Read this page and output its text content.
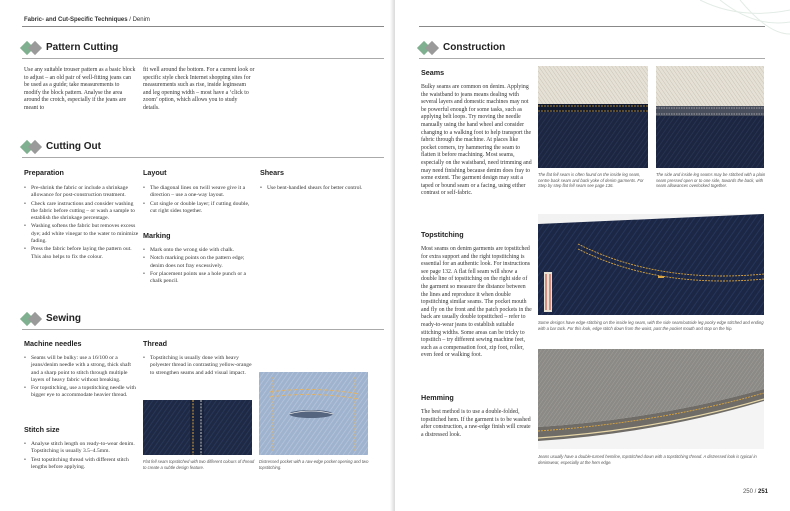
Fabric- and Cut-Specific Techniques / Denim
Pattern Cutting
Use any suitable trouser pattern as a basic block to adjust – an old pair of well-fitting jeans can be used as a guide; take measurements to modify the block pattern. Analyse the area around the crotch, especially if the jeans are meant to
fit well around the bottom. For a current look or specific style check Internet shopping sites for measurements such as rise, inside leginseam and leg opening width – most have a ‘click to zoom’ option, which allows you to study details.
Cutting Out
Preparation
• Pre-shrink the fabric or include a shrinkage allowance for post-construction treatment.
• Check care instructions and consider washing the fabric before cutting – or wash a sample to establish the shrinkage percentage.
• Washing softens the fabric but removes excess dye; add white vinegar to the water to minimize fading.
• Press the fabric before laying the pattern out. This also helps to fix the colour.
Layout
• The diagonal lines on twill weave give it a direction – use a one-way layout.
• Cut single or double layer; if cutting double, cut right sides together.
Marking
• Mark onto the wrong side with chalk.
• Notch marking points on the pattern edge; denim does not fray excessively.
• For placement points use a hole punch or a chalk pencil.
Shears
• Use bent-handled shears for better control.
Sewing
Machine needles
• Seams will be bulky: use a 16/100 or a jeans/denim needle with a strong, thick shaft and a sharp point to stitch through multiple layers of heavy fabric without breaking.
• For topstitching, use a topstitching needle with bigger eye to accommodate heavier thread.
Stitch size
• Analyse stitch length on ready-to-wear denim. Topstitching is usually 3.5–4.5mm.
• Test topstitching thread with different stitch lengths before applying.
Thread
• Topstitching is usually done with heavy polyester thread in contrasting yellow-orange to strengthen seams and add visual impact.
Flat fell seam topstitched with two different colours of thread to create a subtle design feature.
Distressed pocket with a raw-edge pocket opening and two topstitching.
Construction
Seams
Bulky seams are common on denim. Applying the waistband to jeans means dealing with several layers and domestic machines may not be powerful enough for some tasks, such as applying belt loops. Try moving the needle manually using the hand wheel and consider changing to a walking foot to help transport the fabric through the machine. At places like pocket corners, try hammering the seam to flatten it before machining. Most seams, especially on the waistband, need trimming and may need finishing because denim does fray to some extent. The garment design may suit a taped or bound seam or a facing, using either contrast or self-fabric.
Topstitching
Most seams on denim garments are topstitched for extra support and the right topstitching is essential for an authentic look. For instructions see page 132. A flat fell seam will show a double line of topstitching on the right side of the garment so measure the distance between the lines and reproduce it when double topstitching similar seams. The pocket mouth and fly on the front and the patch pockets in the back are usually double topstitched – refer to ready-to-wear jeans to establish suitable stitching widths. Some areas can be tricky to topstitch – try different sewing machine feet, such as a compensation foot, zip foot, roller, even feed or walking foot.
Hemming
The best method is to use a double-folded, topstitched hem. If the garment is to be washed after construction, a raw-edge finish will create a distressed look.
The flat fell seam is often found on the inside leg seam, centre back seam and back yoke of denim garments. For Step by step flat fell seam see page 136.
The side and inside leg seams may be stitched with a plain seam pressed open or to one side, towards the back, with seam allowances overlocked together.
Some designs have edge-stitching on the inside leg seam, with the side seam/outside leg pocky edge stitched and ending with a bar tack. For this look, edge stitch down from the waist, past the pocket mouth and stop on the hip.
Jeans usually have a double-turned hemline, topstitched down with a topstitching thread. A distressed look is typical in denimwear, especially at the hem edge.
250 / 251
